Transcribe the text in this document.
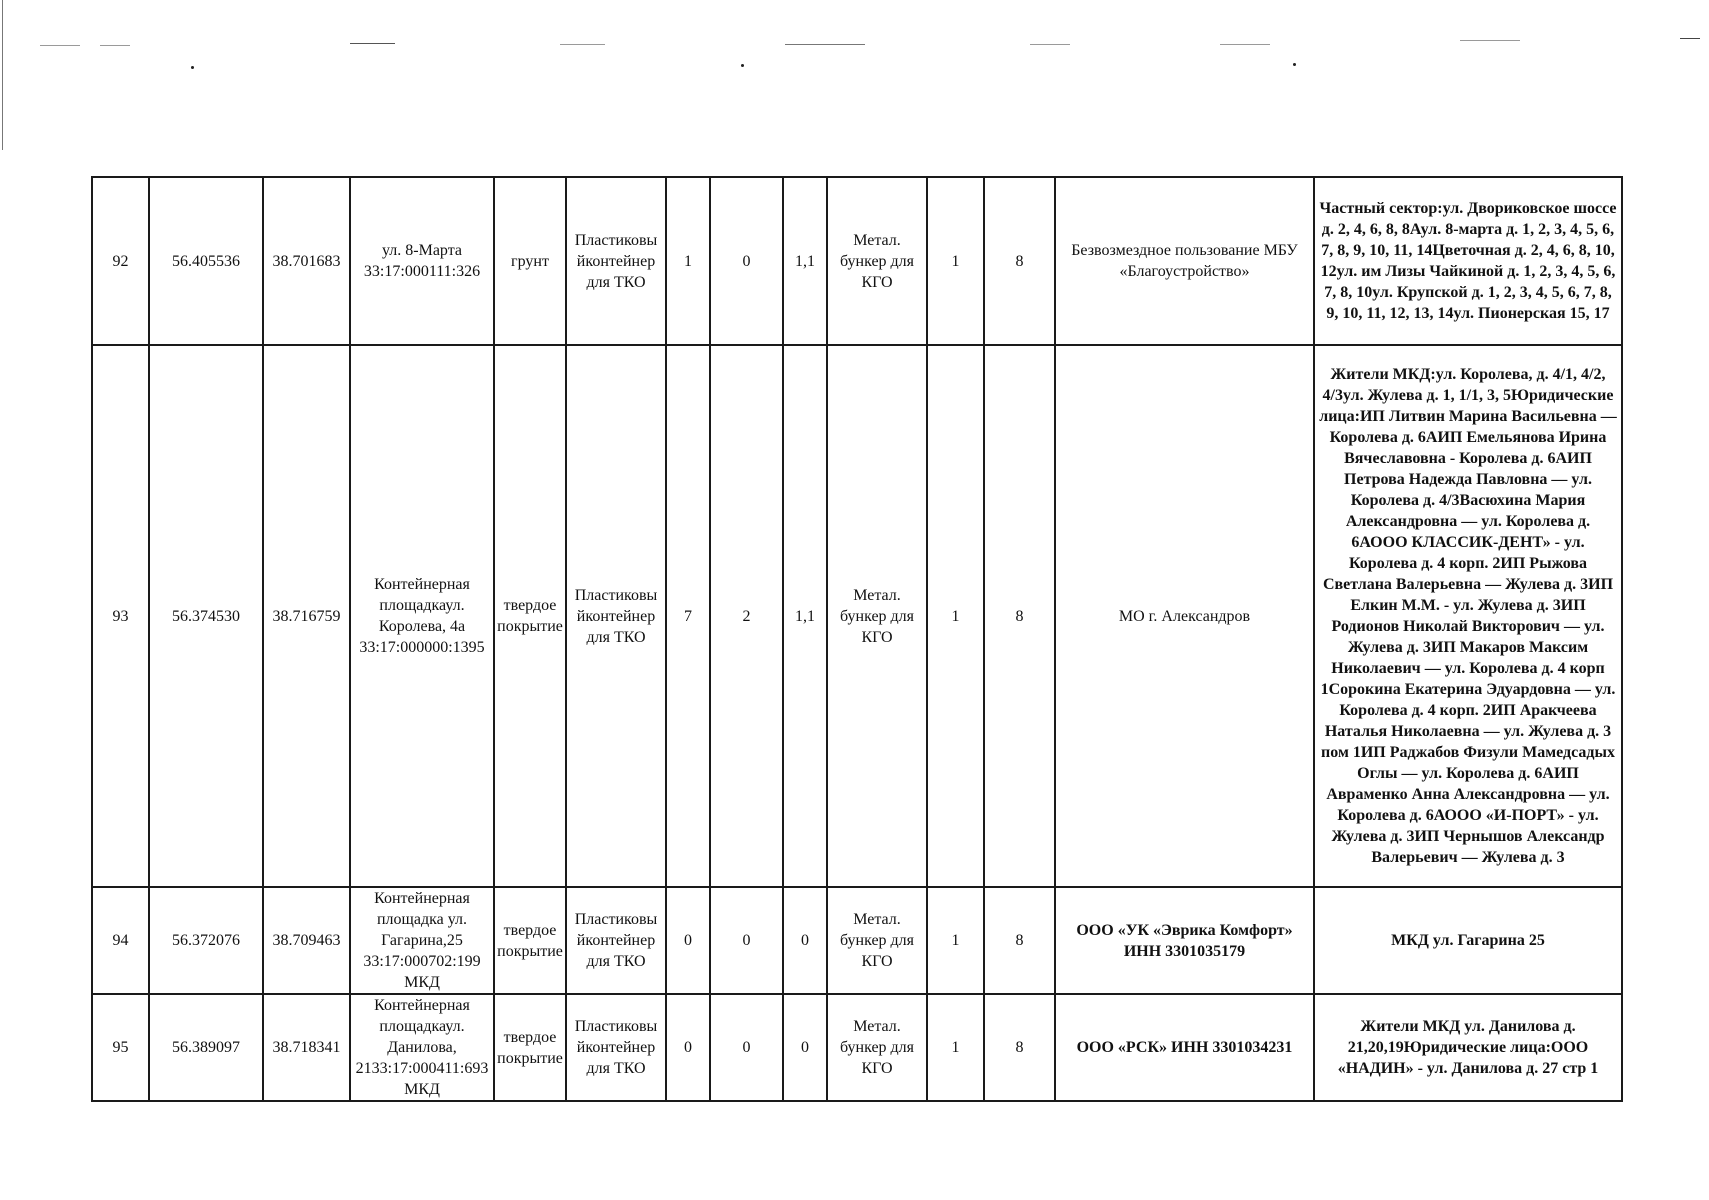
92	56.405536	38.701683	ул. 8-Марта 33:17:000111:326	грунт	Пластиковы йконтейнер для ТКО	1	0	1,1	Метал. бункер для КГО	1	8	Безвозмездное пользование МБУ «Благоустройство»	Частный сектор:ул. Двориковское шоссе д. 2, 4, 6, 8, 8Аул. 8-марта д. 1, 2, 3, 4, 5, 6, 7, 8, 9, 10, 11, 14Цветочная д. 2, 4, 6, 8, 10, 12ул. им Лизы Чайкиной д. 1, 2, 3, 4, 5, 6, 7, 8, 10ул. Крупской д. 1, 2, 3, 4, 5, 6, 7, 8, 9, 10, 11, 12, 13, 14ул. Пионерская 15, 17
93	56.374530	38.716759	Контейнерная площадкаул. Королева, 4а 33:17:000000:1395	твердое покрытие	Пластиковы йконтейнер для ТКО	7	2	1,1	Метал. бункер для КГО	1	8	МО г. Александров	Жители МКД:ул. Королева, д. 4/1, 4/2, 4/3ул. Жулева д. 1, 1/1, 3, 5Юридические лица:ИП Литвин Марина Васильевна — Королева д. 6АИП Емельянова Ирина Вячеславовна - Королева д. 6АИП Петрова Надежда Павловна — ул. Королева д. 4/3Васюхина Мария Александровна — ул. Королева д. 6АООО КЛАССИК-ДЕНТ» - ул. Королева д. 4 корп. 2ИП Рыжова Светлана Валерьевна — Жулева д. 3ИП Елкин М.М. - ул. Жулева д. 3ИП Родионов Николай Викторович — ул. Жулева д. 3ИП Макаров Максим Николаевич — ул. Королева д. 4 корп 1Сорокина Екатерина Эдуардовна — ул. Королева д. 4 корп. 2ИП Аракчеева Наталья Николаевна — ул. Жулева д. 3 пом 1ИП Раджабов Физули Мамедсадых Оглы — ул. Королева д. 6АИП Авраменко Анна Александровна — ул. Королева д. 6АООО «И-ПОРТ» - ул. Жулева д. 3ИП Чернышов Александр Валерьевич — Жулева д. 3
94	56.372076	38.709463	Контейнерная площадка ул. Гагарина,25 33:17:000702:199 МКД	твердое покрытие	Пластиковы йконтейнер для ТКО	0	0	0	Метал. бункер для КГО	1	8	ООО «УК «Эврика Комфорт» ИНН 3301035179	МКД ул. Гагарина 25
95	56.389097	38.718341	Контейнерная площадкаул. Данилова, 2133:17:000411:693 МКД	твердое покрытие	Пластиковы йконтейнер для ТКО	0	0	0	Метал. бункер для КГО	1	8	ООО «РСК» ИНН 3301034231	Жители МКД ул. Данилова д. 21,20,19Юридические лица:ООО «НАДИН» - ул. Данилова д. 27 стр 1
